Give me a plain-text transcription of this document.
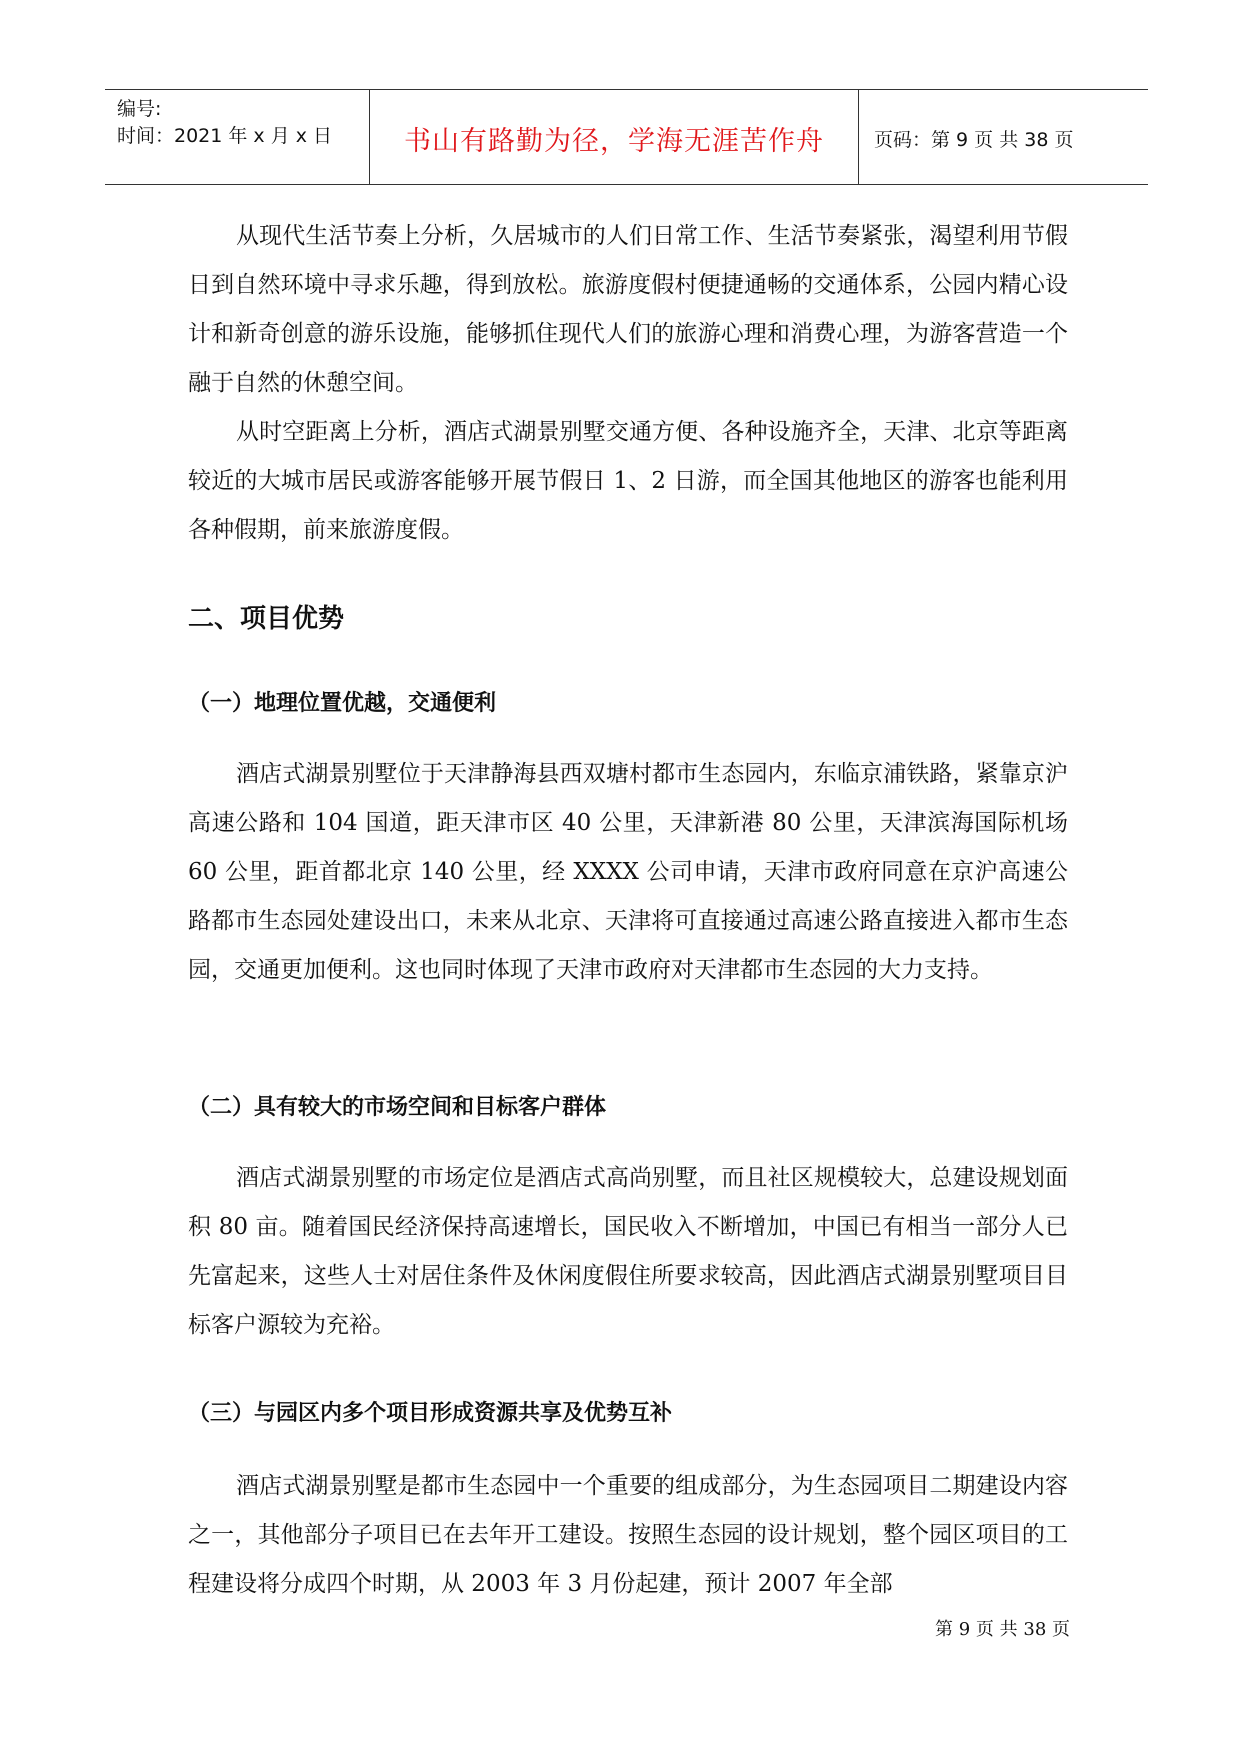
编号:
时间：2021 年 x 月 x 日	书山有路勤为径，学海无涯苦作舟	页码：第 9 页 共 38 页

从现代生活节奏上分析，久居城市的人们日常工作、生活节奏紧张，渴望利用节假日到自然环境中寻求乐趣，得到放松。旅游度假村便捷通畅的交通体系，公园内精心设计和新奇创意的游乐设施，能够抓住现代人们的旅游心理和消费心理，为游客营造一个融于自然的休憩空间。

从时空距离上分析，酒店式湖景别墅交通方便、各种设施齐全，天津、北京等距离较近的大城市居民或游客能够开展节假日 1、2 日游，而全国其他地区的游客也能利用各种假期，前来旅游度假。

二、项目优势
（一）地理位置优越，交通便利

酒店式湖景别墅位于天津静海县西双塘村都市生态园内，东临京浦铁路，紧靠京沪高速公路和 104 国道，距天津市区 40 公里，天津新港 80 公里，天津滨海国际机场 60 公里，距首都北京 140 公里，经 XXXX 公司申请，天津市政府同意在京沪高速公路都市生态园处建设出口，未来从北京、天津将可直接通过高速公路直接进入都市生态园，交通更加便利。这也同时体现了天津市政府对天津都市生态园的大力支持。

（二）具有较大的市场空间和目标客户群体

酒店式湖景别墅的市场定位是酒店式高尚别墅，而且社区规模较大，总建设规划面积 80 亩。随着国民经济保持高速增长，国民收入不断增加，中国已有相当一部分人已先富起来，这些人士对居住条件及休闲度假住所要求较高，因此酒店式湖景别墅项目目标客户源较为充裕。

（三）与园区内多个项目形成资源共享及优势互补

酒店式湖景别墅是都市生态园中一个重要的组成部分，为生态园项目二期建设内容之一，其他部分子项目已在去年开工建设。按照生态园的设计规划，整个园区项目的工程建设将分成四个时期，从 2003 年 3 月份起建，预计 2007 年全部

第 9 页 共 38 页
